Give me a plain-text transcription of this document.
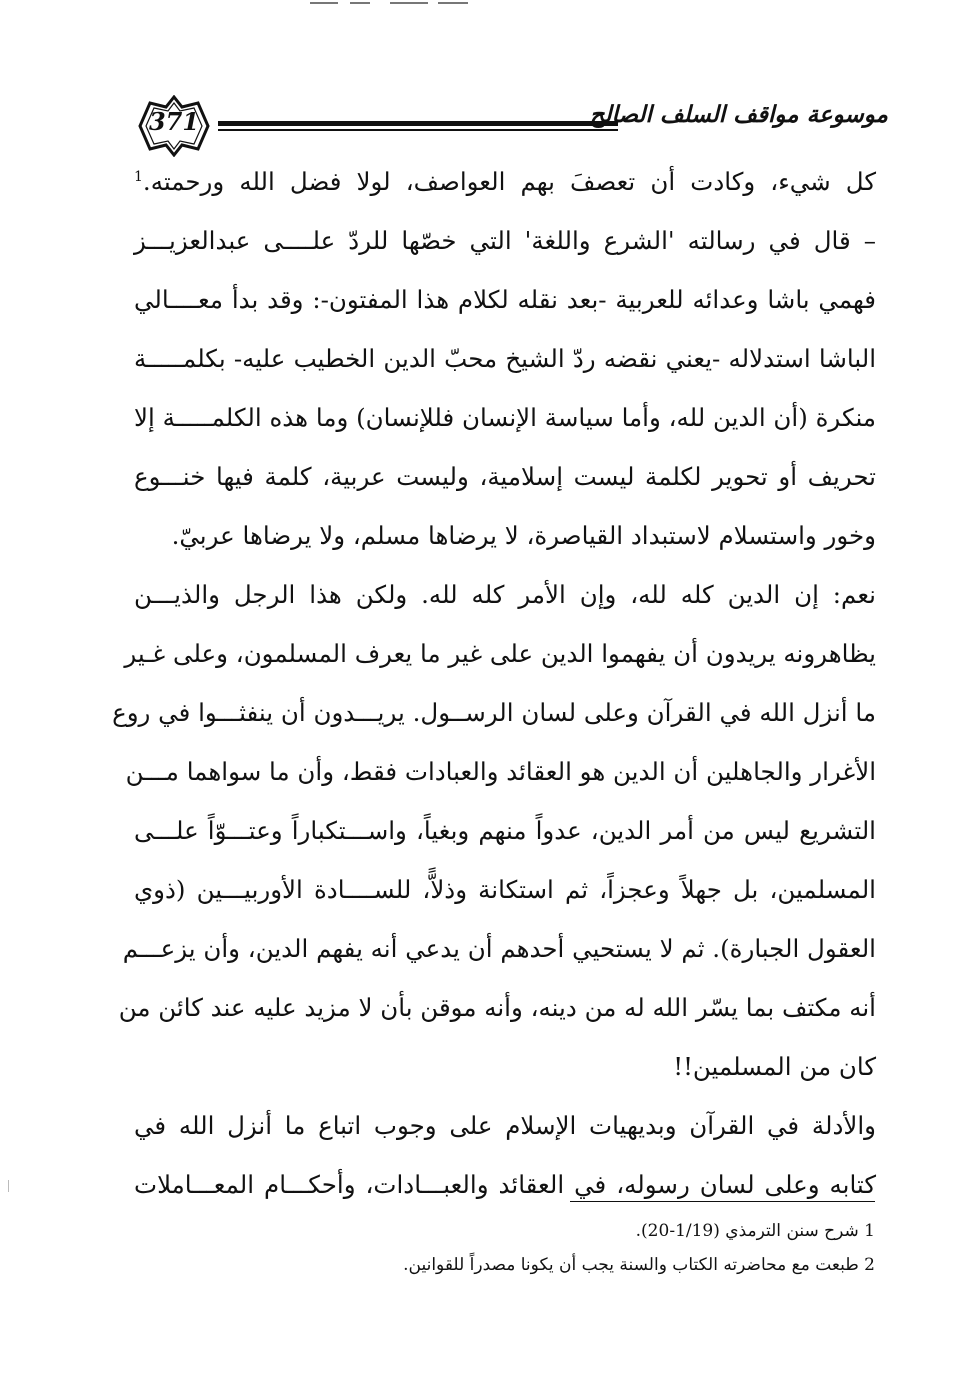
371	موسوعة مواقف السلف الصالح
كل شيء، وكادت أن تعصفَ بهم العواصف، لولا فضل الله ورحمته.$^1$
– قال في رسالته 'الشرع واللغة' التي خصّها للردّ علــــى عبدالعزيـــز
فهمي باشا وعدائه للعربية -بعد نقله لكلام هذا المفتون-: وقد بدأ معــــالي
الباشا استدلاله -يعني نقضه ردّ الشيخ محبّ الدين الخطيب عليه- بكلمـــــة
منكرة (أن الدين لله، وأما سياسة الإنسان فللإنسان) وما هذه الكلمـــــة إلا
تحريف أو تحوير لكلمة ليست إسلامية، وليست عربية، كلمة فيها خنـــوع
وخور واستسلام لاستبداد القياصرة، لا يرضاها مسلم، ولا يرضاها عربيّ.
نعم: إن الدين كله لله، وإن الأمر كله لله. ولكن هذا الرجل والذيـــن
يظاهرونه يريدون أن يفهموا الدين على غير ما يعرف المسلمون، وعلى غـير
ما أنزل الله في القرآن وعلى لسان الرســول. يريـــدون أن ينفثـــوا في روع
الأغرار والجاهلين أن الدين هو العقائد والعبادات فقط، وأن ما سواهما مـــن
التشريع ليس من أمر الدين، عدواً منهم وبغياً، واســـتكباراً وعتـــوّاً علـــى
المسلمين، بل جهلاً وعجزاً، ثم استكانة وذلاًّ، للســــادة الأوربيـــين (ذوي
العقول الجبارة). ثم لا يستحيي أحدهم أن يدعي أنه يفهم الدين، وأن يزعـــم
أنه مكتف بما يسّر الله له من دينه، وأنه موقن بأن لا مزيد عليه عند كائن من
كان من المسلمين!!
والأدلة في القرآن وبديهيات الإسلام على وجوب اتباع ما أنزل الله في
كتابه وعلى لسان رسوله، في العقائد والعبـــادات، وأحكـــام المعـــاملات
1 شرح سنن الترمذي (1/19-20).
2 طبعت مع محاضرته الكتاب والسنة يجب أن يكونا مصدراً للقوانين.
